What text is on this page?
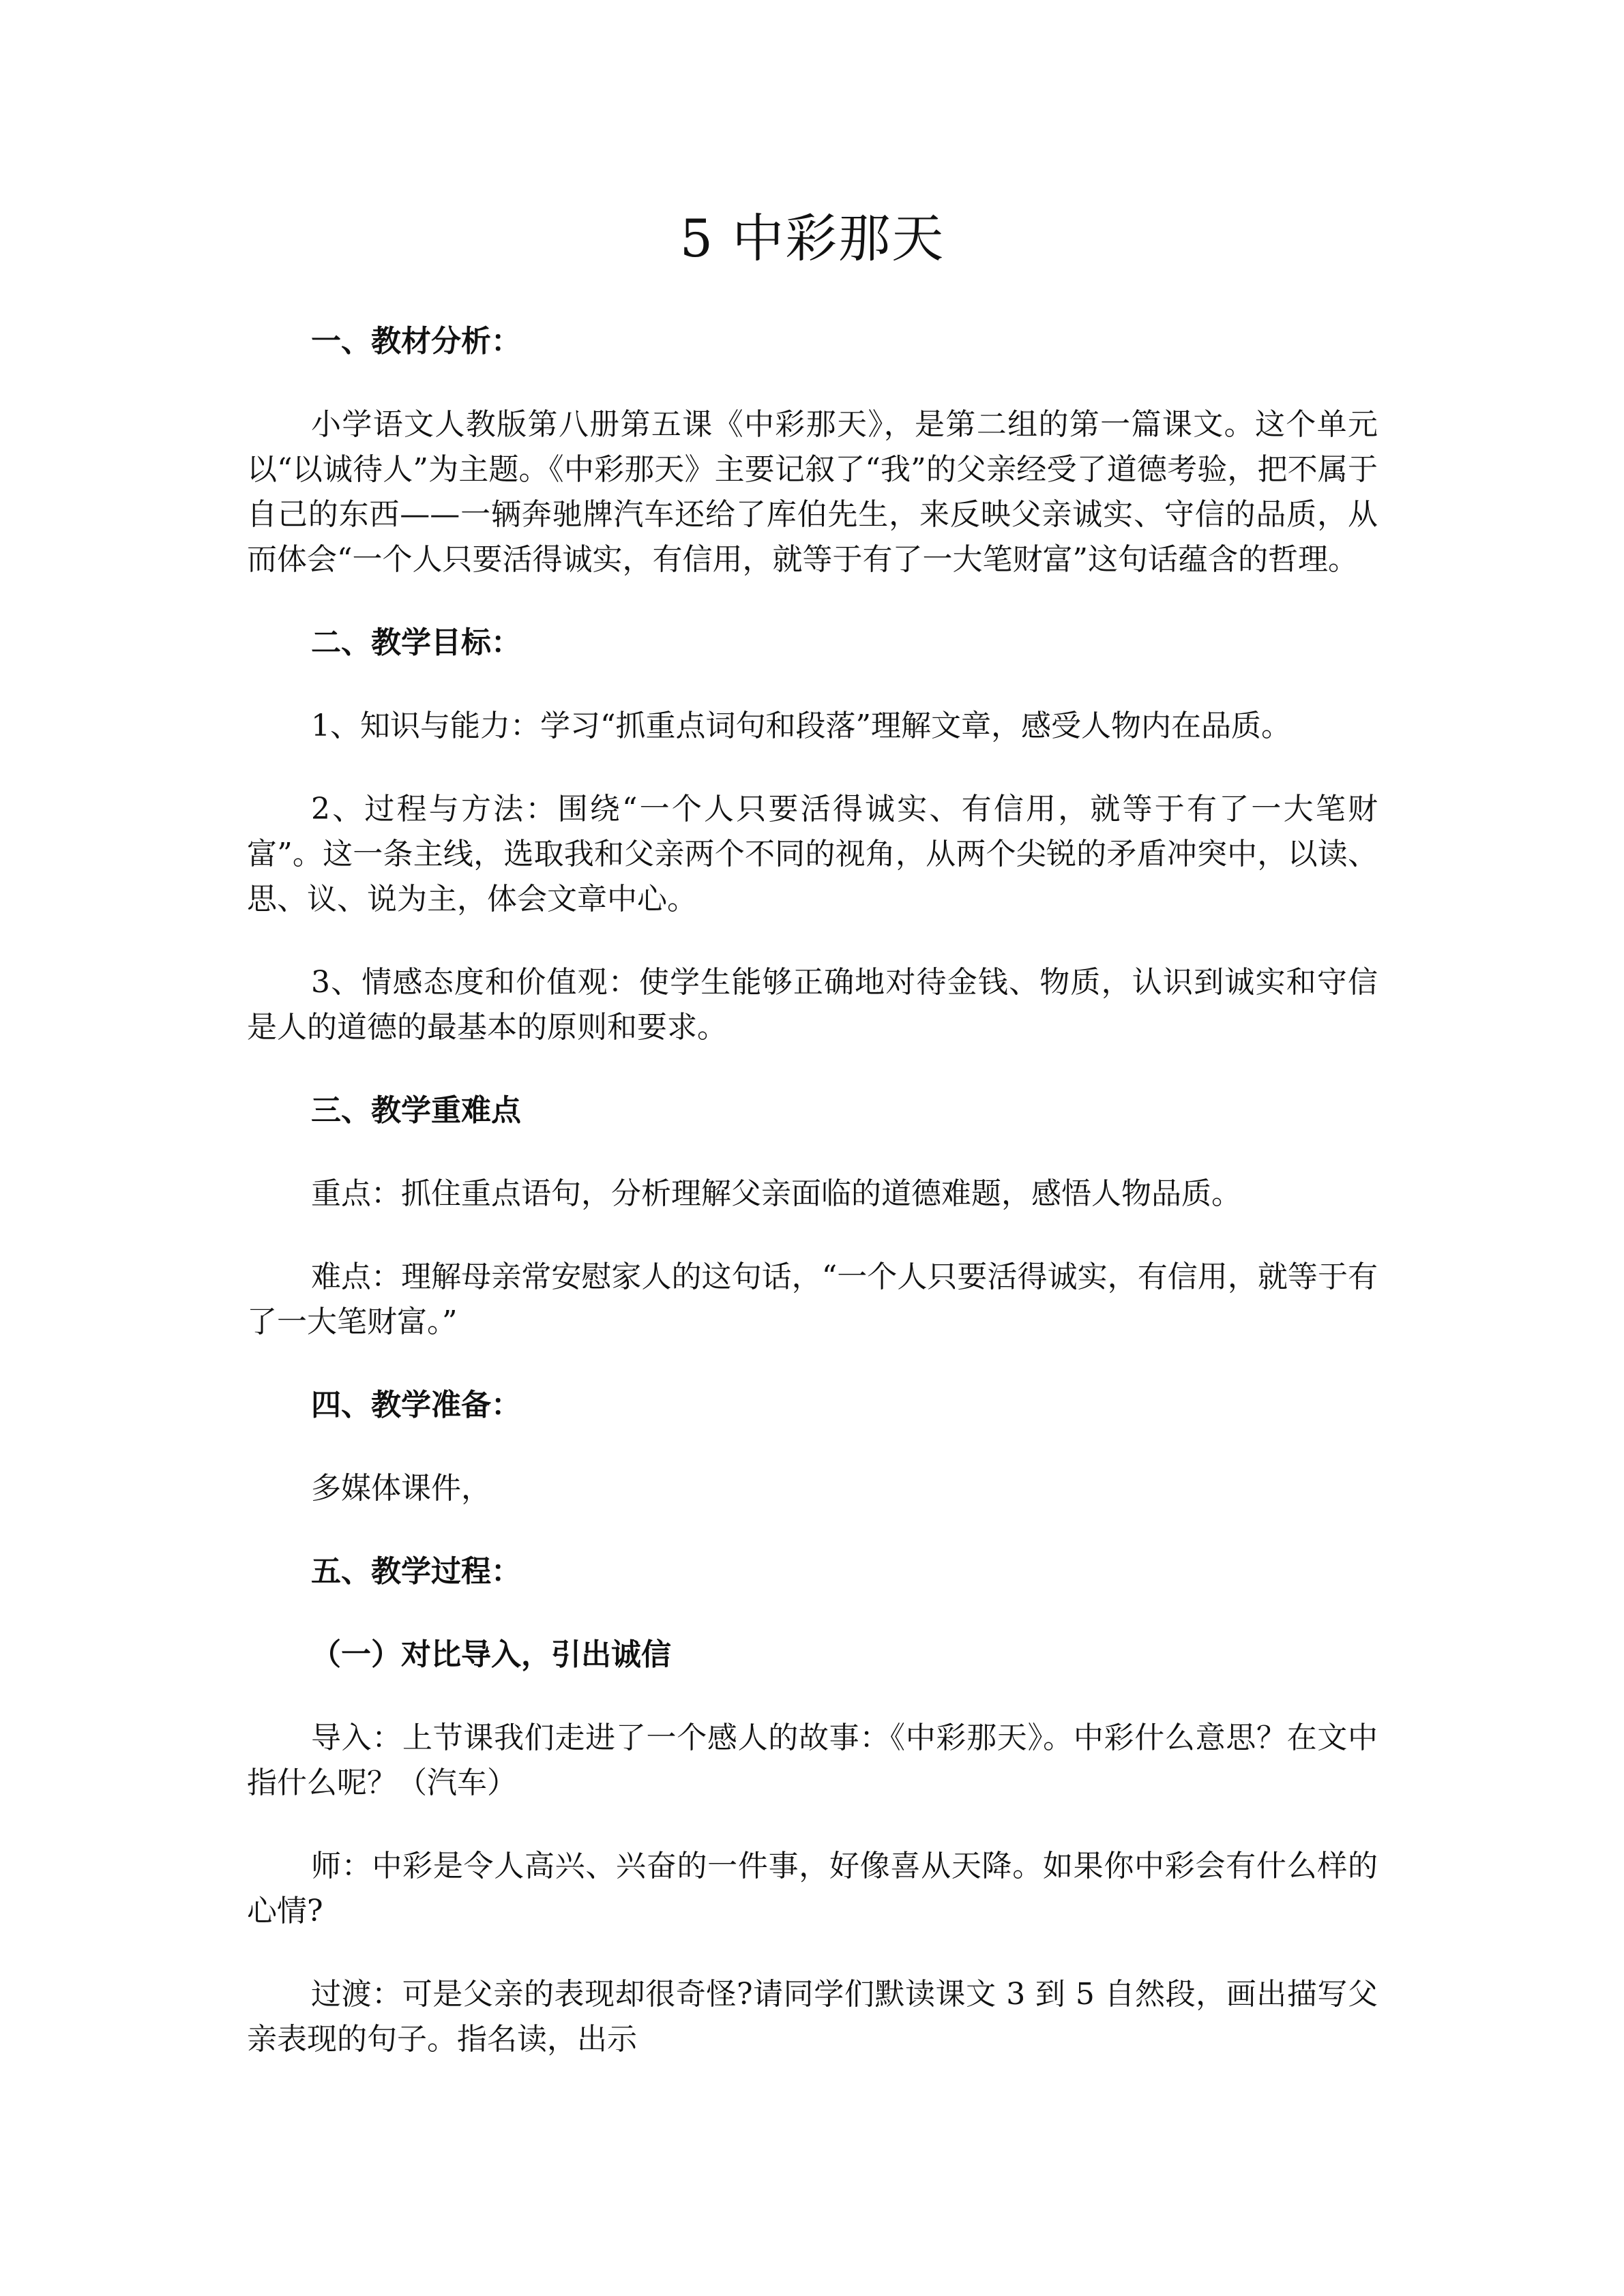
5 中彩那天
一、教材分析：
小学语文人教版第八册第五课《中彩那天》，是第二组的第一篇课文。这个单元以“以诚待人”为主题。《中彩那天》主要记叙了“我”的父亲经受了道德考验，把不属于自己的东西——一辆奔驰牌汽车还给了库伯先生，来反映父亲诚实、守信的品质，从而体会“一个人只要活得诚实，有信用，就等于有了一大笔财富”这句话蕴含的哲理。
二、教学目标：
1、知识与能力：学习“抓重点词句和段落”理解文章，感受人物内在品质。
2、过程与方法：围绕“一个人只要活得诚实、有信用，就等于有了一大笔财富”。这一条主线，选取我和父亲两个不同的视角，从两个尖锐的矛盾冲突中，以读、思、议、说为主，体会文章中心。
3、情感态度和价值观：使学生能够正确地对待金钱、物质，认识到诚实和守信是人的道德的最基本的原则和要求。
三、教学重难点
重点：抓住重点语句，分析理解父亲面临的道德难题，感悟人物品质。
难点：理解母亲常安慰家人的这句话，“一个人只要活得诚实，有信用，就等于有了一大笔财富。”
四、教学准备：
多媒体课件，
五、教学过程：
（一）对比导入，引出诚信
导入：上节课我们走进了一个感人的故事：《中彩那天》。中彩什么意思？在文中指什么呢？（汽车）
师：中彩是令人高兴、兴奋的一件事，好像喜从天降。如果你中彩会有什么样的心情?
过渡：可是父亲的表现却很奇怪?请同学们默读课文 3 到 5 自然段，画出描写父亲表现的句子。指名读，出示
